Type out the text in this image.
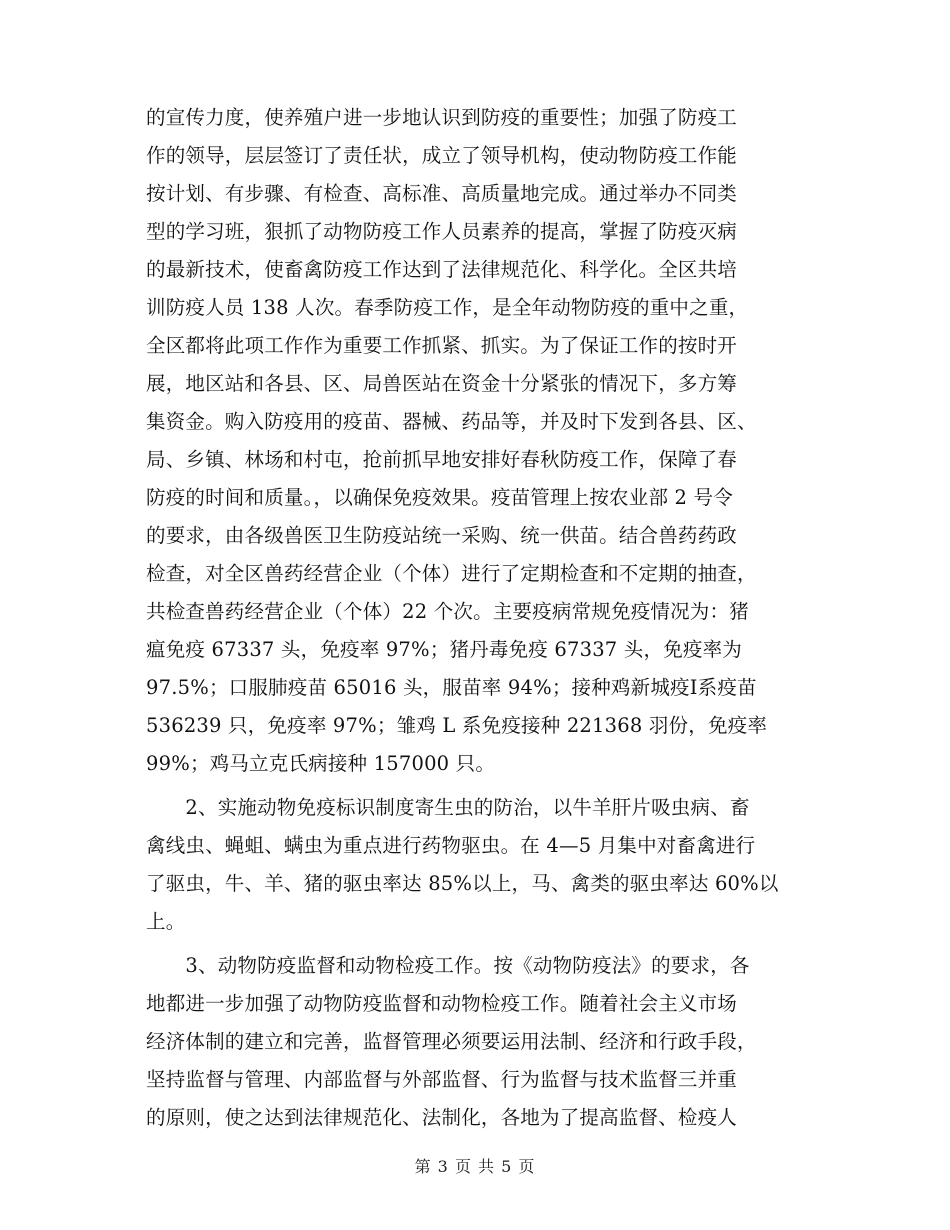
的宣传力度，使养殖户进一步地认识到防疫的重要性；加强了防疫工
作的领导，层层签订了责任状，成立了领导机构，使动物防疫工作能
按计划、有步骤、有检查、高标准、高质量地完成。通过举办不同类
型的学习班，狠抓了动物防疫工作人员素养的提高，掌握了防疫灭病
的最新技术，使畜禽防疫工作达到了法律规范化、科学化。全区共培
训防疫人员 138 人次。春季防疫工作，是全年动物防疫的重中之重，
全区都将此项工作作为重要工作抓紧、抓实。为了保证工作的按时开
展，地区站和各县、区、局兽医站在资金十分紧张的情况下，多方筹
集资金。购入防疫用的疫苗、器械、药品等，并及时下发到各县、区、
局、乡镇、林场和村屯，抢前抓早地安排好春秋防疫工作，保障了春
防疫的时间和质量。，以确保免疫效果。疫苗管理上按农业部 2 号令
的要求，由各级兽医卫生防疫站统一采购、统一供苗。结合兽药药政
检查，对全区兽药经营企业（个体）进行了定期检查和不定期的抽查，
共检查兽药经营企业（个体）22 个次。主要疫病常规免疫情况为：猪
瘟免疫 67337 头，免疫率 97%；猪丹毒免疫 67337 头，免疫率为
97.5%；口服肺疫苗 65016 头，服苗率 94%；接种鸡新城疫Ⅰ系疫苗
536239 只，免疫率 97%；雏鸡 L 系免疫接种 221368 羽份，免疫率
99%；鸡马立克氏病接种 157000 只。
　　2、实施动物免疫标识制度寄生虫的防治，以牛羊肝片吸虫病、畜
禽线虫、蝇蛆、螨虫为重点进行药物驱虫。在 4—5 月集中对畜禽进行
了驱虫，牛、羊、猪的驱虫率达 85%以上，马、禽类的驱虫率达 60%以
上。
　　3、动物防疫监督和动物检疫工作。按《动物防疫法》的要求，各
地都进一步加强了动物防疫监督和动物检疫工作。随着社会主义市场
经济体制的建立和完善，监督管理必须要运用法制、经济和行政手段，
坚持监督与管理、内部监督与外部监督、行为监督与技术监督三并重
的原则，使之达到法律规范化、法制化，各地为了提高监督、检疫人
第 3 页 共 5 页
